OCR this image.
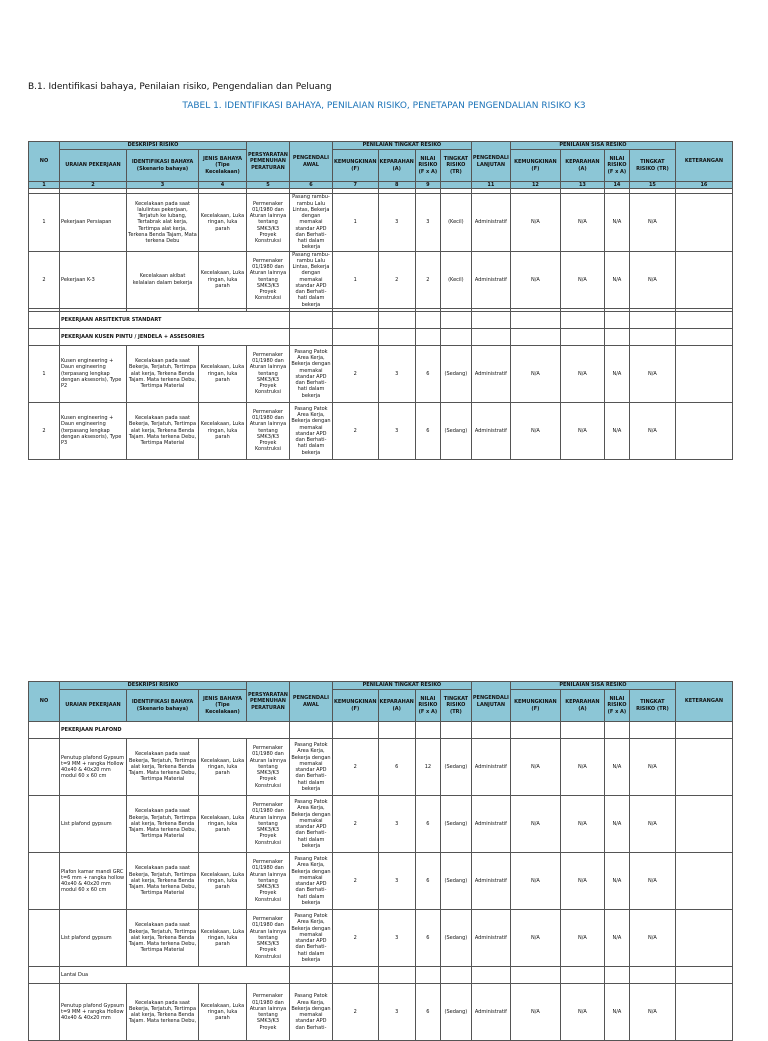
B.1. Identifikasi bahaya, Penilaian risiko, Pengendalian dan Peluang
TABEL 1. IDENTIFIKASI BAHAYA, PENILAIAN RISIKO, PENETAPAN PENGENDALIAN RISIKO K3
NO	DESKRIPSI RISIKO			PERSYARATAN PEMENUHAN PERATURAN	PENGENDALI AWAL	PENILAIAN TINGKAT RESIKO				PENGENDALI LANJUTAN	PENILAIAN SISA RESIKO				KETERANGAN
	URAIAN PEKERJAAN	IDENTIFIKASI BAHAYA (Skenario bahaya)	JENIS BAHAYA (Tipe Kecelakaan)			KEMUNGKINAN (F)	KEPARAHAN (A)	NILAI RISIKO (F x A)	TINGKAT RISIKO (TR)		KEMUNGKINAN (F)	KEPARAHAN (A)	NILAI RISIKO (F x A)	TINGKAT RISIKO (TR)	
1	2	3	4	5	6	7	8	9		11	12	13	14	15	16

1	Pekerjaan Persiapan	Kecelakaan pada saat lalulintas pekerjaan, Terjatuh ke lubang, Tertabrak alat kerja, Tertimpa alat kerja, Terkena Benda Tajam, Mata terkena Debu	Kecelakaan, Luka ringan, luka parah	Permenaker 01/1980 dan Aturan lainnya tentang SMK3/K3 Proyek Konstruksi	Pasang rambu-rambu Lalu Lintas, Bekerja dengan memakai standar APD dan Berhati-hati dalam bekerja	1	3	3	(Kecil)	Administratif	N/A	N/A	N/A	N/A	
2	Pekerjaan K-3	Kecelakaan akibat kelalaian dalam bekerja	Kecelakaan, Luka ringan, luka parah	Permenaker 01/1980 dan Aturan lainnya tentang SMK3/K3 Proyek Konstruksi	Pasang rambu-rambu Lalu Lintas, Bekerja dengan memakai standar APD dan Berhati-hati dalam bekerja	1	2	2	(Kecil)	Administratif	N/A	N/A	N/A	N/A	

	PEKERJAAN ARSITEKTUR STANDART														
	PEKERJAAN KUSEN PINTU / JENDELA + ASSESORIES														
1	Kusen engineering + Daun engineering (terpasang lengkap dengan aksesoris), Type P2	Kecelakaan pada saat Bekerja, Terjatuh, Tertimpa alat kerja, Terkena Benda Tajam. Mata terkena Debu, Tertimpa Material	Kecelakaan, Luka ringan, luka parah	Permenaker 01/1980 dan Aturan lainnya tentang SMK3/K3 Proyek Konstruksi	Pasang Patok Area Kerja, Bekerja dengan memakai standar APD dan Berhati-hati dalam bekerja	2	3	6	(Sedang)	Administratif	N/A	N/A	N/A	N/A	
2	Kusen engineering + Daun engineering (terpasang lengkap dengan aksesoris), Type P3	Kecelakaan pada saat Bekerja, Terjatuh, Tertimpa alat kerja, Terkena Benda Tajam. Mata terkena Debu, Tertimpa Material	Kecelakaan, Luka ringan, luka parah	Permenaker 01/1980 dan Aturan lainnya tentang SMK3/K3 Proyek Konstruksi	Pasang Patok Area Kerja, Bekerja dengan memakai standar APD dan Berhati-hati dalam bekerja	2	3	6	(Sedang)	Administratif	N/A	N/A	N/A	N/A	
NO	DESKRIPSI RISIKO			PERSYARATAN PEMENUHAN PERATURAN	PENGENDALI AWAL	PENILAIAN TINGKAT RESIKO				PENGENDALI LANJUTAN	PENILAIAN SISA RESIKO				KETERANGAN
	URAIAN PEKERJAAN	IDENTIFIKASI BAHAYA (Skenario bahaya)	JENIS BAHAYA (Tipe Kecelakaan)			KEMUNGKINAN (F)	KEPARAHAN (A)	NILAI RISIKO (F x A)	TINGKAT RISIKO (TR)		KEMUNGKINAN (F)	KEPARAHAN (A)	NILAI RISIKO (F x A)	TINGKAT RISIKO (TR)	
	PEKERJAAN PLAFOND														
	Penutup plafond Gypsum t=9 MM + rangka Hollow 40x40 & 40x20 mm modul 60 x 60 cm	Kecelakaan pada saat Bekerja, Terjatuh, Tertimpa alat kerja, Terkena Benda Tajam. Mata terkena Debu, Tertimpa Material	Kecelakaan, Luka ringan, luka parah	Permenaker 01/1980 dan Aturan lainnya tentang SMK3/K3 Proyek Konstruksi	Pasang Patok Area Kerja, Bekerja dengan memakai standar APD dan Berhati-hati dalam bekerja	2	6	12	(Sedang)	Administratif	N/A	N/A	N/A	N/A	
	List plafond gypsum	Kecelakaan pada saat Bekerja, Terjatuh, Tertimpa alat kerja, Terkena Benda Tajam. Mata terkena Debu, Tertimpa Material	Kecelakaan, Luka ringan, luka parah	Permenaker 01/1980 dan Aturan lainnya tentang SMK3/K3 Proyek Konstruksi	Pasang Patok Area Kerja, Bekerja dengan memakai standar APD dan Berhati-hati dalam bekerja	2	3	6	(Sedang)	Administratif	N/A	N/A	N/A	N/A	
	Plafon kamar mandi GRC t=6 mm + rangka hollow 40x40 & 40x20 mm modul 60 x 60 cm	Kecelakaan pada saat Bekerja, Terjatuh, Tertimpa alat kerja, Terkena Benda Tajam. Mata terkena Debu, Tertimpa Material	Kecelakaan, Luka ringan, luka parah	Permenaker 01/1980 dan Aturan lainnya tentang SMK3/K3 Proyek Konstruksi	Pasang Patok Area Kerja, Bekerja dengan memakai standar APD dan Berhati-hati dalam bekerja	2	3	6	(Sedang)	Administratif	N/A	N/A	N/A	N/A	
	List plafond gypsum	Kecelakaan pada saat Bekerja, Terjatuh, Tertimpa alat kerja, Terkena Benda Tajam. Mata terkena Debu, Tertimpa Material	Kecelakaan, Luka ringan, luka parah	Permenaker 01/1980 dan Aturan lainnya tentang SMK3/K3 Proyek Konstruksi	Pasang Patok Area Kerja, Bekerja dengan memakai standar APD dan Berhati-hati dalam bekerja	2	3	6	(Sedang)	Administratif	N/A	N/A	N/A	N/A	
	Lantai Dua														
	Penutup plafond Gypsum t=9 MM + rangka Hollow 40x40 & 40x20 mm	Kecelakaan pada saat Bekerja, Terjatuh, Tertimpa alat kerja, Terkena Benda Tajam. Mata terkena Debu,	Kecelakaan, Luka ringan, luka parah	Permenaker 01/1980 dan Aturan lainnya tentang SMK3/K3 Proyek	Pasang Patok Area Kerja, Bekerja dengan memakai standar APD dan Berhati-	2	3	6	(Sedang)	Administratif	N/A	N/A	N/A	N/A	
